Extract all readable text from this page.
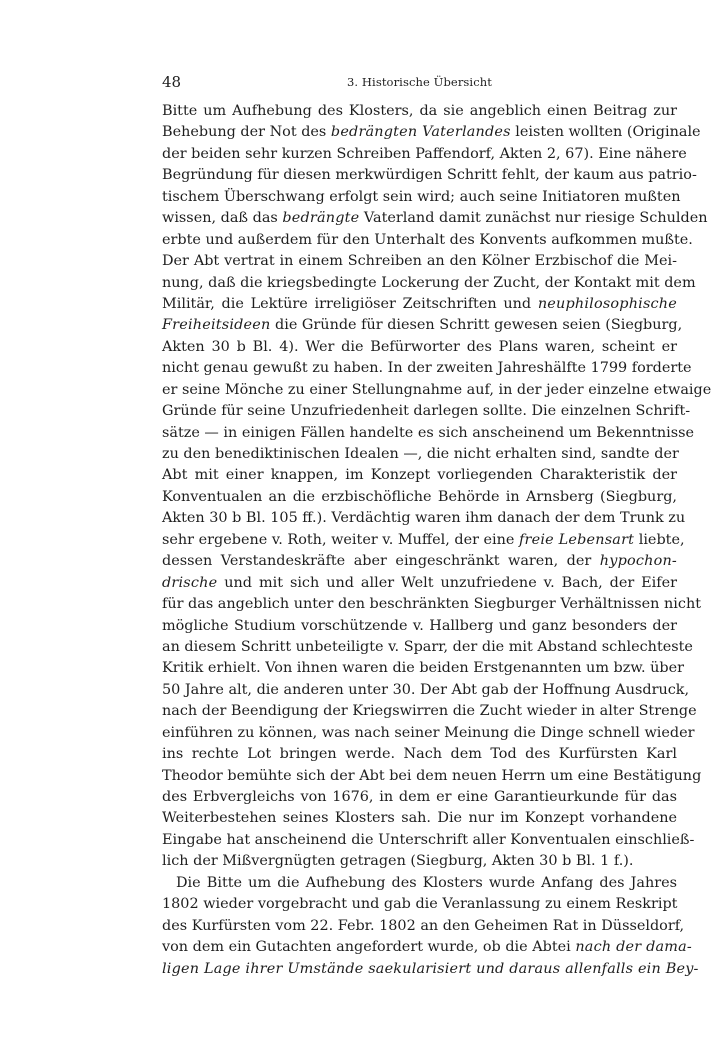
48	3. Historische Übersicht
Bitte um Aufhebung des Klosters, da sie angeblich einen Beitrag zur
Behebung der Not des bedrängten Vaterlandes leisten wollten (Originale
der beiden sehr kurzen Schreiben Paffendorf, Akten 2, 67). Eine nähere
Begründung für diesen merkwürdigen Schritt fehlt, der kaum aus patrio-
tischem Überschwang erfolgt sein wird; auch seine Initiatoren mußten
wissen, daß das bedrängte Vaterland damit zunächst nur riesige Schulden
erbte und außerdem für den Unterhalt des Konvents aufkommen mußte.
Der Abt vertrat in einem Schreiben an den Kölner Erzbischof die Mei-
nung, daß die kriegsbedingte Lockerung der Zucht, der Kontakt mit dem
Militär, die Lektüre irreligiöser Zeitschriften und neuphilosophische
Freiheitsideen die Gründe für diesen Schritt gewesen seien (Siegburg,
Akten 30 b Bl. 4). Wer die Befürworter des Plans waren, scheint er
nicht genau gewußt zu haben. In der zweiten Jahreshälfte 1799 forderte
er seine Mönche zu einer Stellungnahme auf, in der jeder einzelne etwaige
Gründe für seine Unzufriedenheit darlegen sollte. Die einzelnen Schrift-
sätze — in einigen Fällen handelte es sich anscheinend um Bekenntnisse
zu den benediktinischen Idealen —, die nicht erhalten sind, sandte der
Abt mit einer knappen, im Konzept vorliegenden Charakteristik der
Konventualen an die erzbischöfliche Behörde in Arnsberg (Siegburg,
Akten 30 b Bl. 105 ff.). Verdächtig waren ihm danach der dem Trunk zu
sehr ergebene v. Roth, weiter v. Muffel, der eine freie Lebensart liebte,
dessen Verstandeskräfte aber eingeschränkt waren, der hypochon-
drische und mit sich und aller Welt unzufriedene v. Bach, der Eifer
für das angeblich unter den beschränkten Siegburger Verhältnissen nicht
mögliche Studium vorschützende v. Hallberg und ganz besonders der
an diesem Schritt unbeteiligte v. Sparr, der die mit Abstand schlechteste
Kritik erhielt. Von ihnen waren die beiden Erstgenannten um bzw. über
50 Jahre alt, die anderen unter 30. Der Abt gab der Hoffnung Ausdruck,
nach der Beendigung der Kriegswirren die Zucht wieder in alter Strenge
einführen zu können, was nach seiner Meinung die Dinge schnell wieder
ins rechte Lot bringen werde. Nach dem Tod des Kurfürsten Karl
Theodor bemühte sich der Abt bei dem neuen Herrn um eine Bestätigung
des Erbvergleichs von 1676, in dem er eine Garantieurkunde für das
Weiterbestehen seines Klosters sah. Die nur im Konzept vorhandene
Eingabe hat anscheinend die Unterschrift aller Konventualen einschließ-
lich der Mißvergnügten getragen (Siegburg, Akten 30 b Bl. 1 f.).
Die Bitte um die Aufhebung des Klosters wurde Anfang des Jahres
1802 wieder vorgebracht und gab die Veranlassung zu einem Reskript
des Kurfürsten vom 22. Febr. 1802 an den Geheimen Rat in Düsseldorf,
von dem ein Gutachten angefordert wurde, ob die Abtei nach der dama-
ligen Lage ihrer Umstände saekularisiert und daraus allenfalls ein Bey-
